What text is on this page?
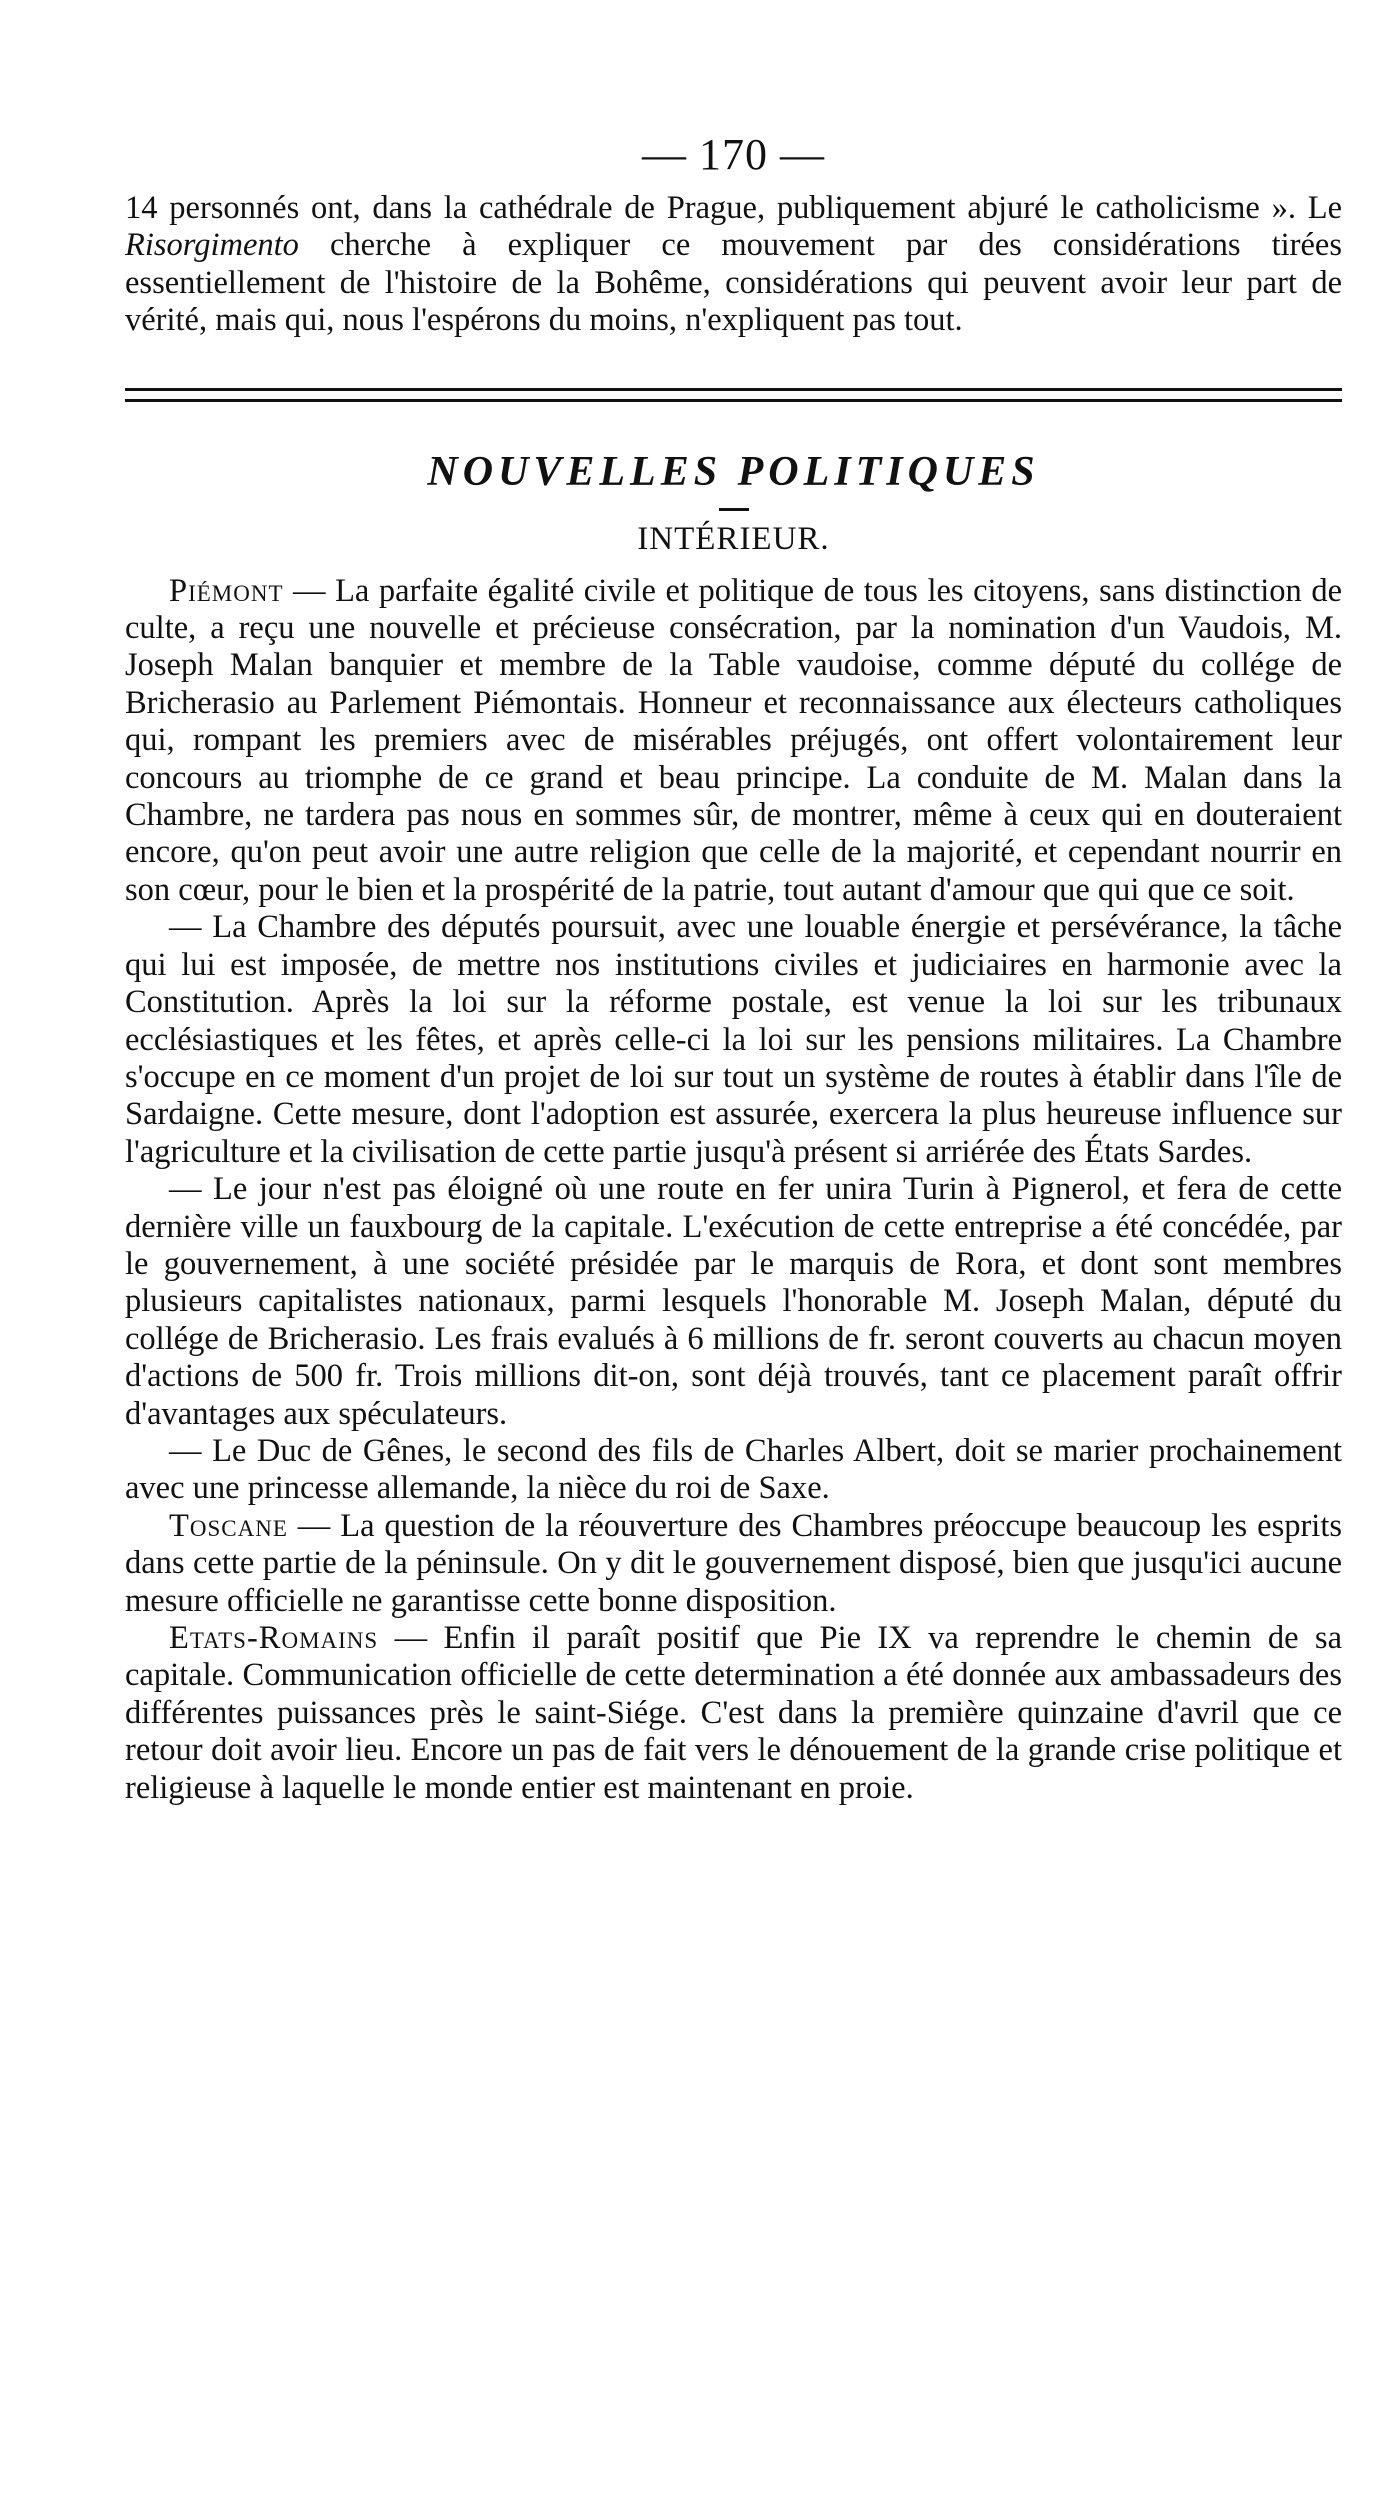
— 170 —

14 personnés ont, dans la cathédrale de Prague, publiquement abjuré le catholicisme ». Le Risorgimento cherche à expliquer ce mouvement par des considérations tirées essentiellement de l'histoire de la Bohême, considérations qui peuvent avoir leur part de vérité, mais qui, nous l'espérons du moins, n'expliquent pas tout.

NOUVELLES POLITIQUES
INTÉRIEUR.

Piémont — La parfaite égalité civile et politique de tous les citoyens, sans distinction de culte, a reçu une nouvelle et précieuse consécration, par la nomination d'un Vaudois, M. Joseph Malan banquier et membre de la Table vaudoise, comme député du collége de Bricherasio au Parlement Piémontais. Honneur et reconnaissance aux électeurs catholiques qui, rompant les premiers avec de misérables préjugés, ont offert volontairement leur concours au triomphe de ce grand et beau principe. La conduite de M. Malan dans la Chambre, ne tardera pas nous en sommes sûr, de montrer, même à ceux qui en douteraient encore, qu'on peut avoir une autre religion que celle de la majorité, et cependant nourrir en son cœur, pour le bien et la prospérité de la patrie, tout autant d'amour que qui que ce soit.

— La Chambre des députés poursuit, avec une louable énergie et persévérance, la tâche qui lui est imposée, de mettre nos institutions civiles et judiciaires en harmonie avec la Constitution. Après la loi sur la réforme postale, est venue la loi sur les tribunaux ecclésiastiques et les fêtes, et après celle-ci la loi sur les pensions militaires. La Chambre s'occupe en ce moment d'un projet de loi sur tout un système de routes à établir dans l'île de Sardaigne. Cette mesure, dont l'adoption est assurée, exercera la plus heureuse influence sur l'agriculture et la civilisation de cette partie jusqu'à présent si arriérée des États Sardes.

— Le jour n'est pas éloigné où une route en fer unira Turin à Pignerol, et fera de cette dernière ville un fauxbourg de la capitale. L'exécution de cette entreprise a été concédée, par le gouvernement, à une société présidée par le marquis de Rora, et dont sont membres plusieurs capitalistes nationaux, parmi lesquels l'honorable M. Joseph Malan, député du collége de Bricherasio. Les frais evalués à 6 millions de fr. seront couverts au chacun moyen d'actions de 500 fr. Trois millions dit-on, sont déjà trouvés, tant ce placement paraît offrir d'avantages aux spéculateurs.

— Le Duc de Gênes, le second des fils de Charles Albert, doit se marier prochainement avec une princesse allemande, la nièce du roi de Saxe.

Toscane — La question de la réouverture des Chambres préoccupe beaucoup les esprits dans cette partie de la péninsule. On y dit le gouvernement disposé, bien que jusqu'ici aucune mesure officielle ne garantisse cette bonne disposition.

Etats-Romains — Enfin il paraît positif que Pie IX va reprendre le chemin de sa capitale. Communication officielle de cette determination a été donnée aux ambassadeurs des différentes puissances près le saint-Siége. C'est dans la première quinzaine d'avril que ce retour doit avoir lieu. Encore un pas de fait vers le dénouement de la grande crise politique et religieuse à laquelle le monde entier est maintenant en proie.
